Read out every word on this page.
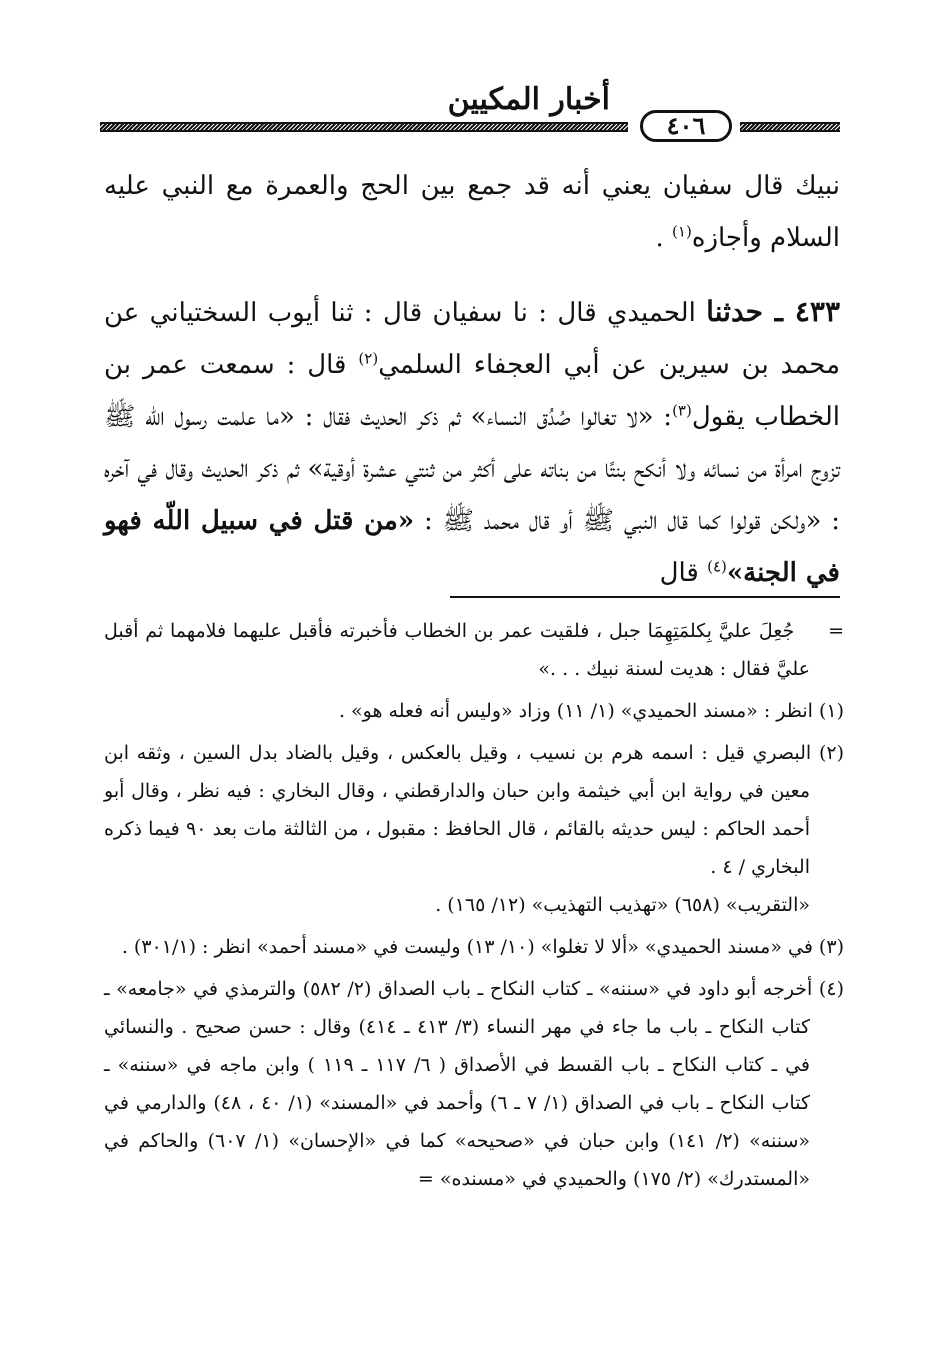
أخبار المكيين
٤٠٦

نبيك قال سفيان يعني أنه قد جمع بين الحج والعمرة مع النبي عليه السلام وأجازه$^{(١)}$ .

٤٣٣ ـ حدثنا الحميدي قال : نا سفيان قال : ثنا أيوب السختياني عن محمد بن سيرين عن أبي العجفاء السلمي$^{(٢)}$ قال : سمعت عمر بن الخطاب يقول$^{(٣)}$: «لا تغالوا صُدُق النساء» ثم ذكر الحديث فقال : «ما علمت رسول اللّه ﷺ تزوج امرأة من نسائه ولا أنكح بنتًا من بناته على أكثر من ثنتي عشرة أوقية» ثم ذكر الحديث وقال في آخره : «ولكن قولوا كما قال النبي ﷺ أو قال محمد ﷺ : «من قتل في سبيل اللّه فهو في الجنة»$^{(٤)}$ قال

=     جُعِلَ عليَّ بِكلمَتِهِمَا جبل ، فلقيت عمر بن الخطاب فأخبرته فأقبل عليهما فلامهما ثم أقبل عليَّ فقال : هديت لسنة نبيك . . .»

(١) انظر : «مسند الحميدي» (١/ ١١) وزاد «وليس أنه فعله هو» .

(٢) البصري قيل : اسمه هرم بن نسيب ، وقيل بالعكس ، وقيل بالضاد بدل السين ، وثقه ابن معين في رواية ابن أبي خيثمة وابن حبان والدارقطني ، وقال البخاري : فيه نظر ، وقال أبو أحمد الحاكم : ليس حديثه بالقائم ، قال الحافظ : مقبول ، من الثالثة مات بعد ٩٠ فيما ذكره البخاري / ٤ .
«التقريب» (٦٥٨) «تهذيب التهذيب» (١٢/ ١٦٥) .

(٣) في «مسند الحميدي» «ألا لا تغلوا» (١٠/ ١٣) وليست في «مسند أحمد» انظر : (٣٠١/١) .

(٤) أخرجه أبو داود في «سننه» ـ كتاب النكاح ـ باب الصداق (٢/ ٥٨٢) والترمذي في «جامعه» ـ كتاب النكاح ـ باب ما جاء في مهر النساء (٣/ ٤١٣ ـ ٤١٤) وقال : حسن صحيح . والنسائي في ـ كتاب النكاح ـ باب القسط في الأصداق ( ٦/ ١١٧ ـ ١١٩ ) وابن ماجه في «سننه» ـ كتاب النكاح ـ باب في الصداق (١/ ٧ ـ ٦) وأحمد في «المسند» (١/ ٤٠ ، ٤٨) والدارمي في «سننه» (٢/ ١٤١) وابن حبان في «صحيحه» كما في «الإحسان» (١/ ٦٠٧) والحاكم في «المستدرك» (٢/ ١٧٥) والحميدي في «مسنده» =
